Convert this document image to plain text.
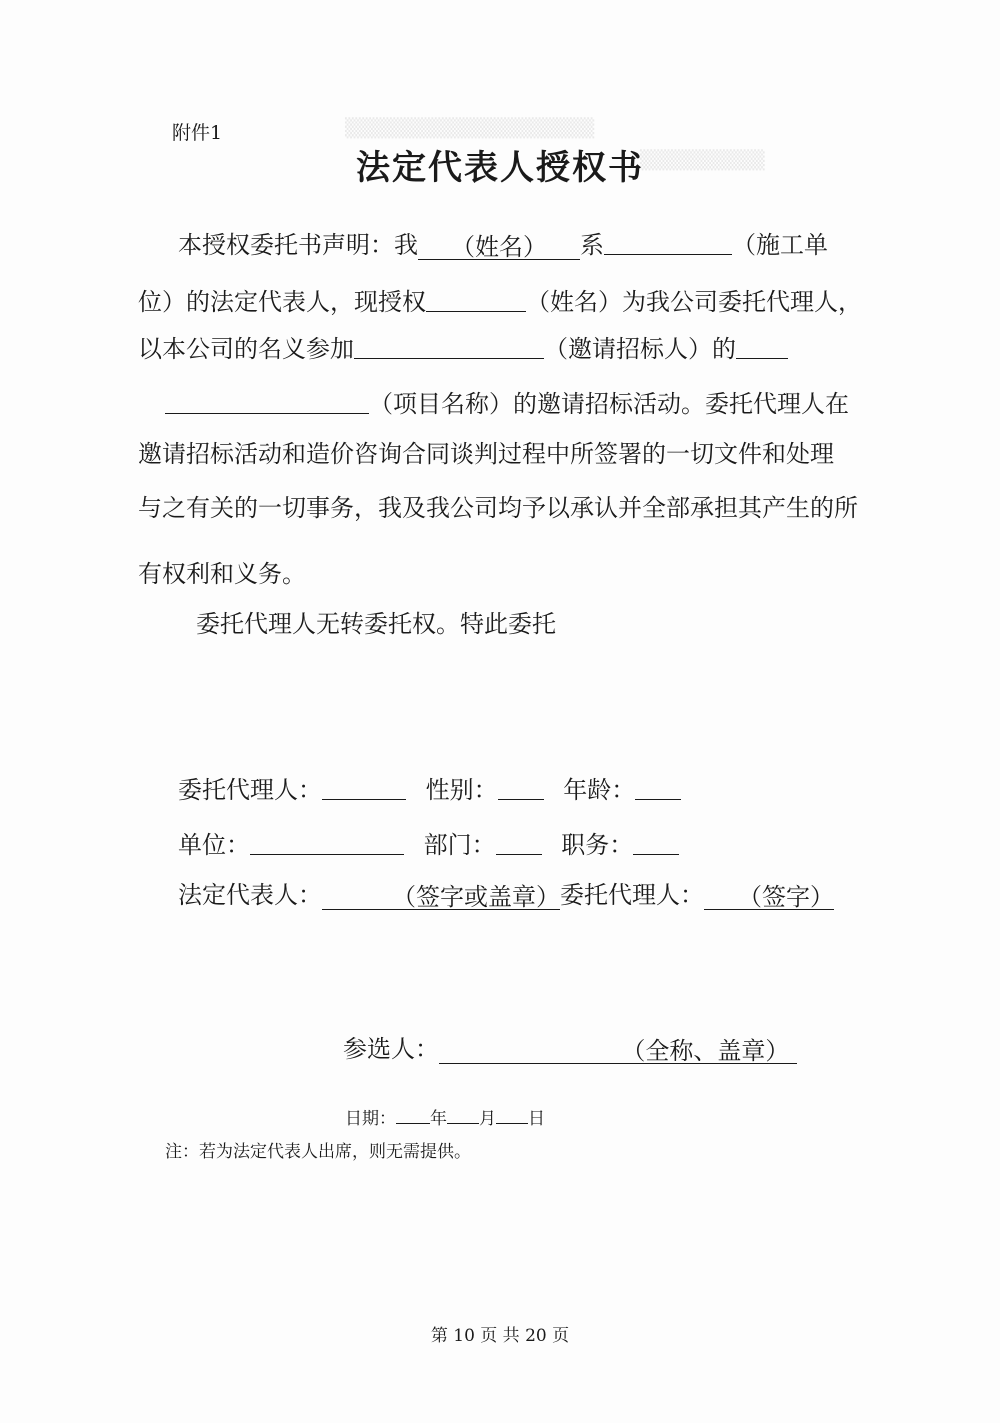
▒▒▒▒▒▒▒▒▒▒▒▒▒▒▒▒▒▒
▒▒▒▒▒▒▒▒▒
附件1
法定代表人授权书
本授权委托书声明：我 （姓名） 系	（施工单
位）的法定代表人，现授权	（姓名）为我公司委托代理人，
以本公司的名义参加	（邀请招标人）的
（项目名称）的邀请招标活动。委托代理人在
邀请招标活动和造价咨询合同谈判过程中所签署的一切文件和处理
与之有关的一切事务，我及我公司均予以承认并全部承担其产生的所
有权利和义务。
委托代理人无转委托权。特此委托
委托代理人：	性别：	年龄：
单位：	部门：	职务：
法定代表人：	（签字或盖章）委托代理人： （签字）
参选人：	（全称、盖章）
日期： 年 月 日
注：若为法定代表人出席，则无需提供。
第 10 页 共 20 页
